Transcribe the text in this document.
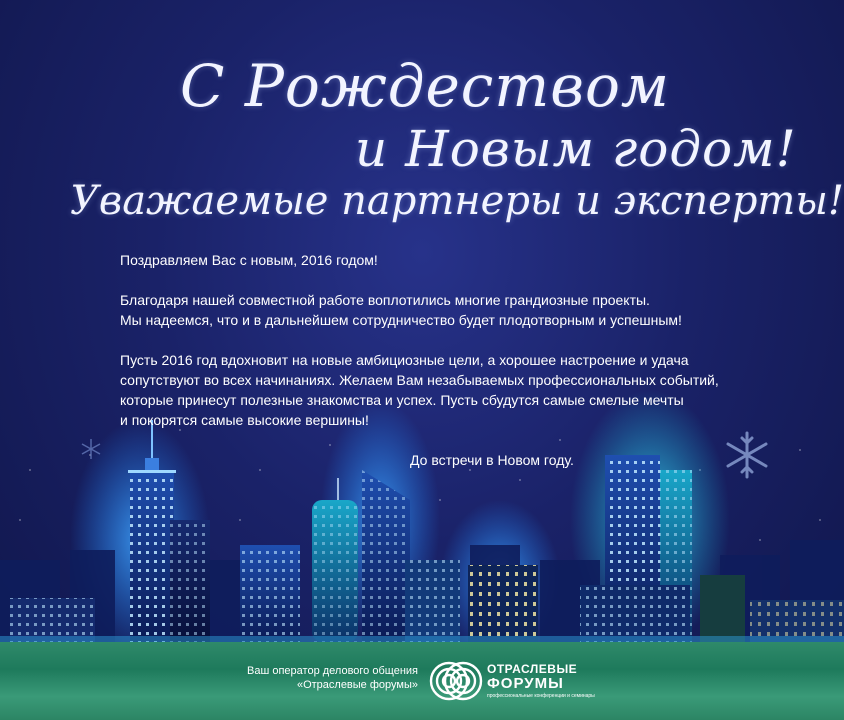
С Рождеством
и Новым годом!
Уважаемые партнеры и эксперты!

Поздравляем Вас с новым, 2016 годом!

Благодаря нашей совместной работе воплотились многие грандиозные проекты.
Мы надеемся, что и в дальнейшем сотрудничество будет плодотворным и успешным!

Пусть 2016 год вдохновит на новые амбициозные цели, а хорошее настроение и удача
сопутствуют во всех начинаниях. Желаем Вам незабываемых профессиональных событий,
которые принесут полезные знакомства и успех. Пусть сбудутся самые смелые мечты
и покорятся самые высокие вершины!

До встречи в Новом году.

Ваш оператор делового общения
«Отраслевые форумы»
ОТРАСЛЕВЫЕ
ФОРУМЫ
профессиональные конференции и семинары
